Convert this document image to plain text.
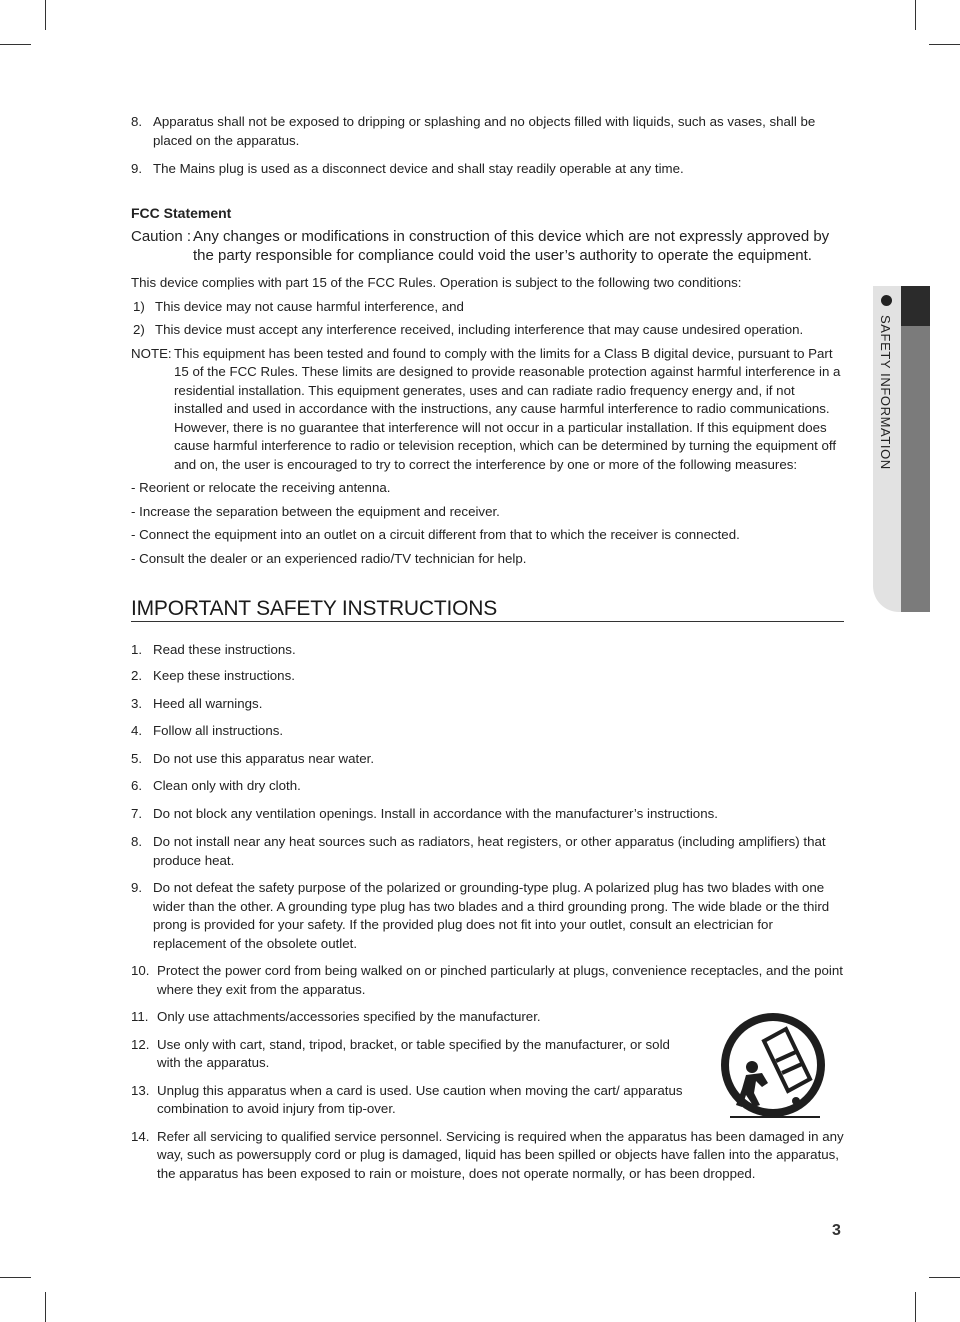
SAFETY INFORMATION
8. Apparatus shall not be exposed to dripping or splashing and no objects filled with liquids, such as vases, shall be placed on the apparatus.
9. The Mains plug is used as a disconnect device and shall stay readily operable at any time.
FCC Statement
Caution : Any changes or modifications in construction of this device which are not expressly approved by the party responsible for compliance could void the user’s authority to operate the equipment.
This device complies with part 15 of the FCC Rules. Operation is subject to the following two conditions:
1) This device may not cause harmful interference, and
2) This device must accept any interference received, including interference that may cause undesired operation.
NOTE: This equipment has been tested and found to comply with the limits for a Class B digital device, pursuant to Part 15 of the FCC Rules. These limits are designed to provide reasonable protection against harmful interference in a residential installation. This equipment generates, uses and can radiate radio frequency energy and, if not installed and used in accordance with the instructions, any cause harmful interference to radio communications. However, there is no guarantee that interference will not occur in a particular installation. If this equipment does cause harmful interference to radio or television reception, which can be determined by turning the equipment off and on, the user is encouraged to try to correct the interference by one or more of the following measures:
- Reorient or relocate the receiving antenna.
- Increase the separation between the equipment and receiver.
- Connect the equipment into an outlet on a circuit different from that to which the receiver is connected.
- Consult the dealer or an experienced radio/TV technician for help.
IMPORTANT SAFETY INSTRUCTIONS
1. Read these instructions.
2. Keep these instructions.
3. Heed all warnings.
4. Follow all instructions.
5. Do not use this apparatus near water.
6. Clean only with dry cloth.
7. Do not block any ventilation openings. Install in accordance with the manufacturer’s instructions.
8. Do not install near any heat sources such as radiators, heat registers, or other apparatus (including amplifiers) that produce heat.
9. Do not defeat the safety purpose of the polarized or grounding-type plug. A polarized plug has two blades with one wider than the other. A grounding type plug has two blades and a third grounding prong. The wide blade or the third prong is provided for your safety. If the provided plug does not fit into your outlet, consult an electrician for replacement of the obsolete outlet.
10. Protect the power cord from being walked on or pinched particularly at plugs, convenience receptacles, and the point where they exit from the apparatus.
11. Only use attachments/accessories specified by the manufacturer.
12. Use only with cart, stand, tripod, bracket, or table specified by the manufacturer, or sold with the apparatus.
13. Unplug this apparatus when a card is used. Use caution when moving the cart/ apparatus combination to avoid injury from tip-over.
14. Refer all servicing to qualified service personnel. Servicing is required when the apparatus has been damaged in any way, such as powersupply cord or plug is damaged, liquid has been spilled or objects have fallen into the apparatus, the apparatus has been exposed to rain or moisture, does not operate normally, or has been dropped.
3
